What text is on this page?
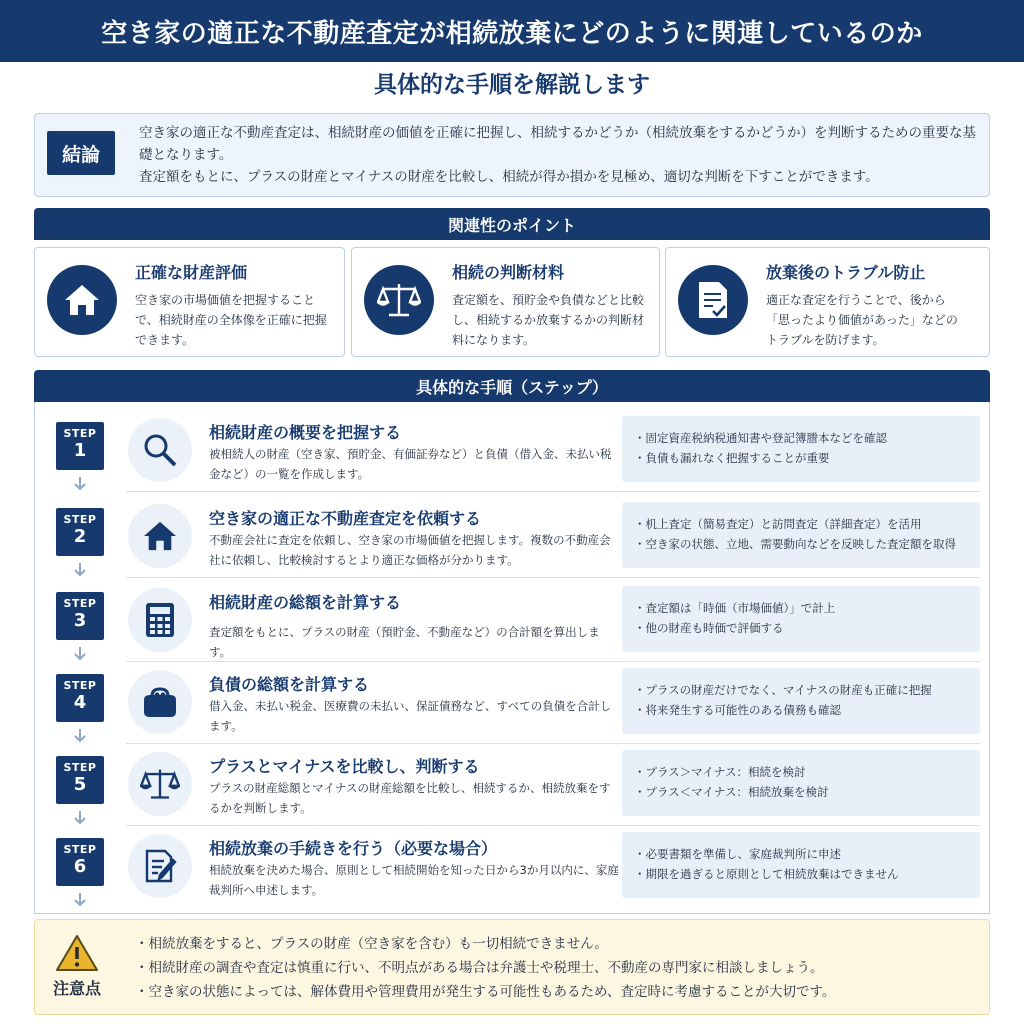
空き家の適正な不動産査定が相続放棄にどのように関連しているのか
具体的な手順を解説します
結論
空き家の適正な不動産査定は、相続財産の価値を正確に把握し、相続するかどうか（相続放棄をするかどうか）を判断するための重要な基礎となります。
査定額をもとに、プラスの財産とマイナスの財産を比較し、相続が得か損かを見極め、適切な判断を下すことができます。
関連性のポイント
正確な財産評価
空き家の市場価値を把握することで、相続財産の全体像を正確に把握できます。
相続の判断材料
査定額を、預貯金や負債などと比較し、相続するか放棄するかの判断材料になります。
放棄後のトラブル防止
適正な査定を行うことで、後から「思ったより価値があった」などのトラブルを防げます。
具体的な手順（ステップ）
STEP
1
相続財産の概要を把握する
被相続人の財産（空き家、預貯金、有価証券など）と負債（借入金、未払い税金など）の一覧を作成します。
・固定資産税納税通知書や登記簿謄本などを確認
・負債も漏れなく把握することが重要
STEP
2
空き家の適正な不動産査定を依頼する
不動産会社に査定を依頼し、空き家の市場価値を把握します。複数の不動産会社に依頼し、比較検討するとより適正な価格が分かります。
・机上査定（簡易査定）と訪問査定（詳細査定）を活用
・空き家の状態、立地、需要動向などを反映した査定額を取得
STEP
3
相続財産の総額を計算する
査定額をもとに、プラスの財産（預貯金、不動産など）の合計額を算出します。
・査定額は「時価（市場価値）」で計上
・他の財産も時価で評価する
STEP
4
負債の総額を計算する
借入金、未払い税金、医療費の未払い、保証債務など、すべての負債を合計します。
・プラスの財産だけでなく、マイナスの財産も正確に把握
・将来発生する可能性のある債務も確認
STEP
5
プラスとマイナスを比較し、判断する
プラスの財産総額とマイナスの財産総額を比較し、相続するか、相続放棄をするかを判断します。
・プラス＞マイナス：相続を検討
・プラス＜マイナス：相続放棄を検討
STEP
6
相続放棄の手続きを行う（必要な場合）
相続放棄を決めた場合、原則として相続開始を知った日から3か月以内に、家庭裁判所へ申述します。
・必要書類を準備し、家庭裁判所に申述
・期限を過ぎると原則として相続放棄はできません
注意点
・相続放棄をすると、プラスの財産（空き家を含む）も一切相続できません。
・相続財産の調査や査定は慎重に行い、不明点がある場合は弁護士や税理士、不動産の専門家に相談しましょう。
・空き家の状態によっては、解体費用や管理費用が発生する可能性もあるため、査定時に考慮することが大切です。
